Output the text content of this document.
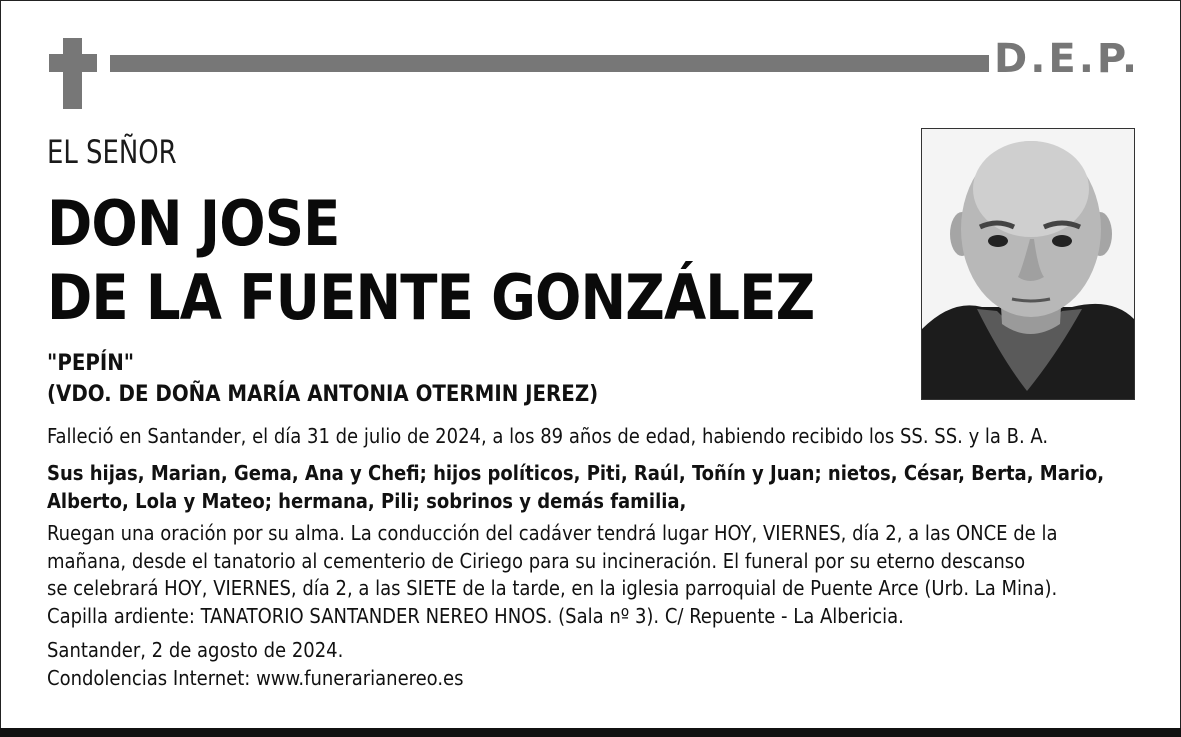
D.E.P.
EL SEÑOR
DON JOSE
DE LA FUENTE GONZÁLEZ
"PEPÍN"
(VDO. DE DOÑA MARÍA ANTONIA OTERMIN JEREZ)
Falleció en Santander, el día 31 de julio de 2024, a los 89 años de edad, habiendo recibido los SS. SS. y la B. A.
Sus hijas, Marian, Gema, Ana y Chefi; hijos políticos, Piti, Raúl, Toñín y Juan; nietos, César, Berta, Mario,
Alberto, Lola y Mateo; hermana, Pili; sobrinos y demás familia,
Ruegan una oración por su alma. La conducción del cadáver tendrá lugar HOY, VIERNES, día 2, a las ONCE de la
mañana, desde el tanatorio al cementerio de Ciriego para su incineración. El funeral por su eterno descanso
se celebrará HOY, VIERNES, día 2, a las SIETE de la tarde, en la iglesia parroquial de Puente Arce (Urb. La Mina).
Capilla ardiente: TANATORIO SANTANDER NEREO HNOS. (Sala nº 3). C/ Repuente - La Albericia.
Santander, 2 de agosto de 2024.
Condolencias Internet: www.funerarianereo.es
